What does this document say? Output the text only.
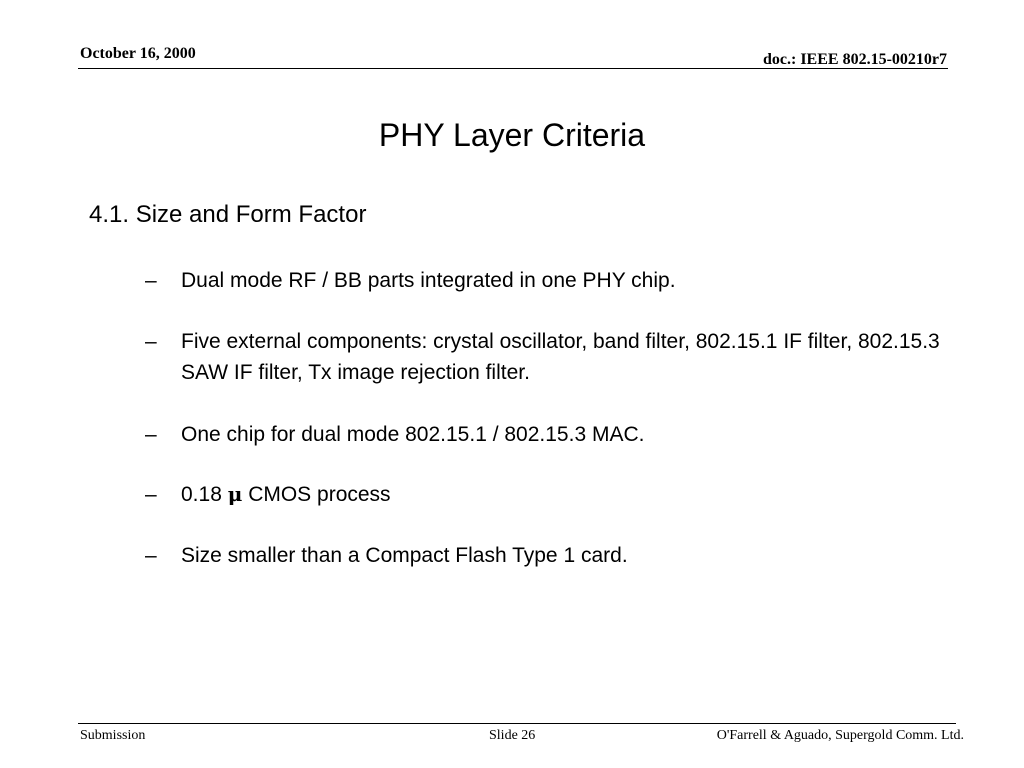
October 16, 2000	doc.: IEEE 802.15-00210r7
PHY Layer Criteria
4.1. Size and Form Factor
– Dual mode RF / BB parts integrated in one PHY chip.
– Five external components: crystal oscillator, band filter, 802.15.1 IF filter, 802.15.3 SAW IF filter, Tx image rejection filter.
– One chip for dual mode 802.15.1 / 802.15.3 MAC.
– 0.18 μ CMOS process
– Size smaller than a Compact Flash Type 1 card.
Submission	Slide 26	O'Farrell & Aguado, Supergold Comm. Ltd.
